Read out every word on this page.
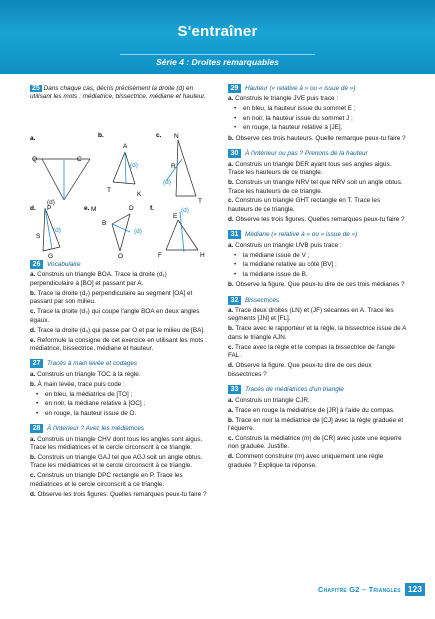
S'entraîner
Série 4 : Droites remarquables

25 Dans chaque cas, décris précisément la droite (d) en utilisant les mots : médiatrice, bissectrice, médiane et hauteur.

a.
Q	C
M
(d)
b.
A
T
K
(d)
c. N
R
T
(d)
d. P
S
G
(d)
e.	D
B
O
(d)
f.
E
F	H
(d)
26	Vocabulaire

a. Construis un triangle BOA. Trace la droite (d₁) perpendiculaire à [BO] et passant par A.

b. Trace la droite (d₂) perpendiculaire au segment [OA] et passant par son milieu.

c. Trace la droite (d₃) qui coupe l'angle BOA en deux angles égaux.

d. Trace la droite (d₄) qui passe par O et par le milieu de [BA].

e. Reformule la consigne de cet exercice en utilisant les mots : médiatrice, bissectrice, médiane et hauteur.

27	Tracés à main levée et codages

a. Construis un triangle TOC à la règle.

b. À main levée, trace puis code :

• en bleu, la médiatrice de [TO] ;
• en noir, la médiane relative à [OC] ;
• en rouge, la hauteur issue de O.
28	À l'intérieur ? Avec les médiatrices

a. Construis un triangle CHV dont tous les angles sont aigus. Trace les médiatrices et le cercle circonscrit à ce triangle.

b. Construis un triangle GAJ tel que AGJ soit un angle obtus. Trace les médiatrices et le cercle circonscrit à ce triangle.

c. Construis un triangle DPC rectangle en P. Trace les médiatrices et le cercle circonscrit à ce triangle.

d. Observe les trois figures. Quelles remarques peux-tu faire ?

29	Hauteur (« relative à » ou « issue de »)

a. Construis le triangle JVE puis trace :

• en bleu, la hauteur issue du sommet E ;
• en noir, la hauteur issue du sommet J ;
• en rouge, la hauteur relative à [JE].

b. Observe ces trois hauteurs. Quelle remarque peux-tu faire ?

30	À l'intérieur ou pas ? Prenons de la hauteur

a. Construis un triangle DER ayant tous ses angles aigus. Trace les hauteurs de ce triangle.

b. Construis un triangle NRV tel que NRV soit un angle obtus. Trace les hauteurs de ce triangle.

c. Construis un triangle GHT rectangle en T. Trace les hauteurs de ce triangle.

d. Observe les trois figures. Quelles remarques peux-tu faire ?

31	Médiane (« relative à » ou « issue de »)

a. Construis un triangle UVB puis trace :

• la médiane issue de V ;
• la médiane relative au côté [BV] ;
• la médiane issue de B.

b. Observe la figure. Que peux-tu dire de ces trois médianes ?

32	Bissectrices

a. Trace deux droites (LN) et (JF) sécantes en A. Trace les segments [JN] et [FL].

b. Trace avec le rapporteur et la règle, la bissectrice issue de A dans le triangle AJN.

c. Trace avec la règle et le compas la bissectrice de l'angle FAL .

d. Observe la figure. Que peux-tu dire de ces deux bissectrices ?

33	Tracés de médiatrices d'un triangle

a. Construis un triangle CJR.

a. Trace en rouge la médiatrice de [JR] à l'aide du compas.

b. Trace en noir la médiatrice de [CJ] avec la règle graduée et l'équerre.

c. Construis la médiatrice (m) de [CR] avec juste une équerre non graduée. Justifie.

d. Comment construire (m) avec uniquement une règle graduée ? Explique ta réponse.

Chapitre G2 – Triangles 123
